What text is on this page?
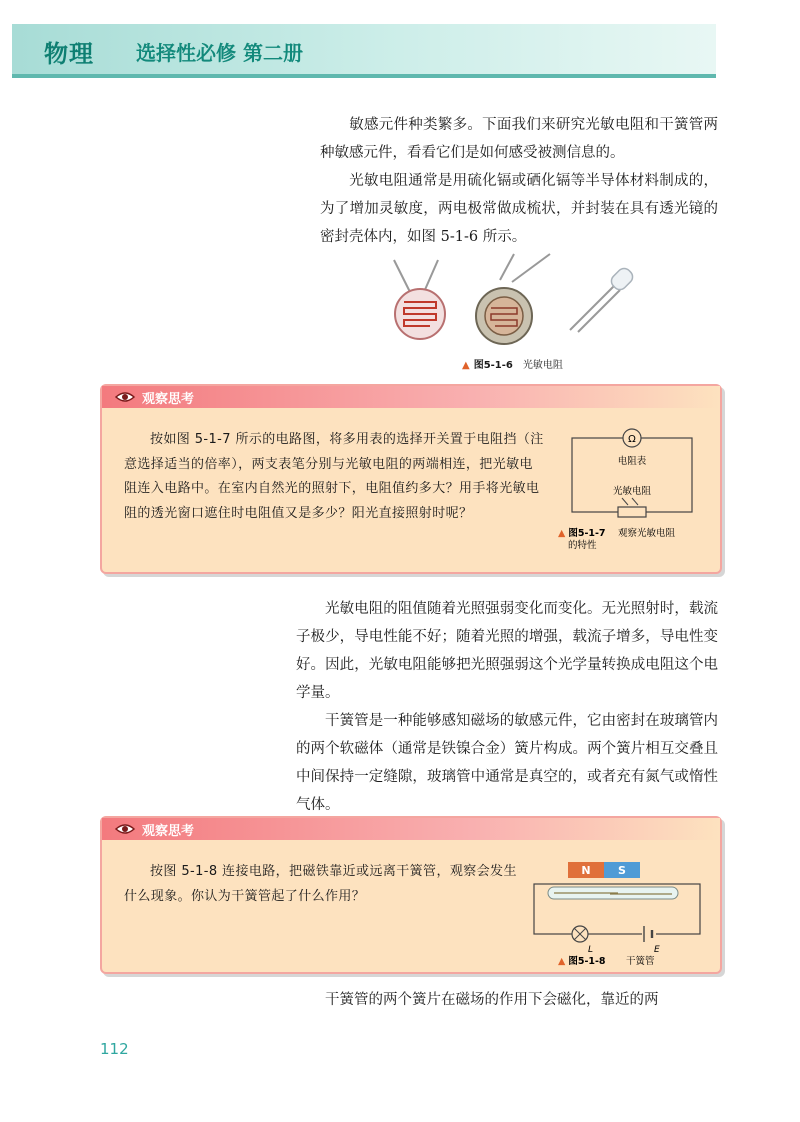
物理 选择性必修 第二册

敏感元件种类繁多。下面我们来研究光敏电阻和干簧管两种敏感元件，看看它们是如何感受被测信息的。

光敏电阻通常是用硫化镉或硒化镉等半导体材料制成的，为了增加灵敏度，两电极常做成梳状，并封装在具有透光镜的密封壳体内，如图 5-1-6 所示。

▲ 图5-1-6 光敏电阻
观察思考

按如图 5-1-7 所示的电路图，将多用表的选择开关置于电阻挡（注意选择适当的倍率），两支表笔分别与光敏电阻的两端相连，把光敏电阻连入电路中。在室内自然光的照射下，电阻值约多大？用手将光敏电阻的透光窗口遮住时电阻值又是多少？阳光直接照射时呢？

Ω
电阻表
光敏电阻
▲ 图5-1-7 观察光敏电阻
的特性

光敏电阻的阻值随着光照强弱变化而变化。无光照射时，载流子极少，导电性能不好；随着光照的增强，载流子增多，导电性变好。因此，光敏电阻能够把光照强弱这个光学量转换成电阻这个电学量。

干簧管是一种能够感知磁场的敏感元件，它由密封在玻璃管内的两个软磁体（通常是铁镍合金）簧片构成。两个簧片相互交叠且中间保持一定缝隙，玻璃管中通常是真空的，或者充有氮气或惰性气体。

观察思考

按图 5-1-8 连接电路，把磁铁靠近或远离干簧管，观察会发生什么现象。你认为干簧管起了什么作用？

N S
L	E
▲ 图5-1-8 干簧管

干簧管的两个簧片在磁场的作用下会磁化，靠近的两

112
